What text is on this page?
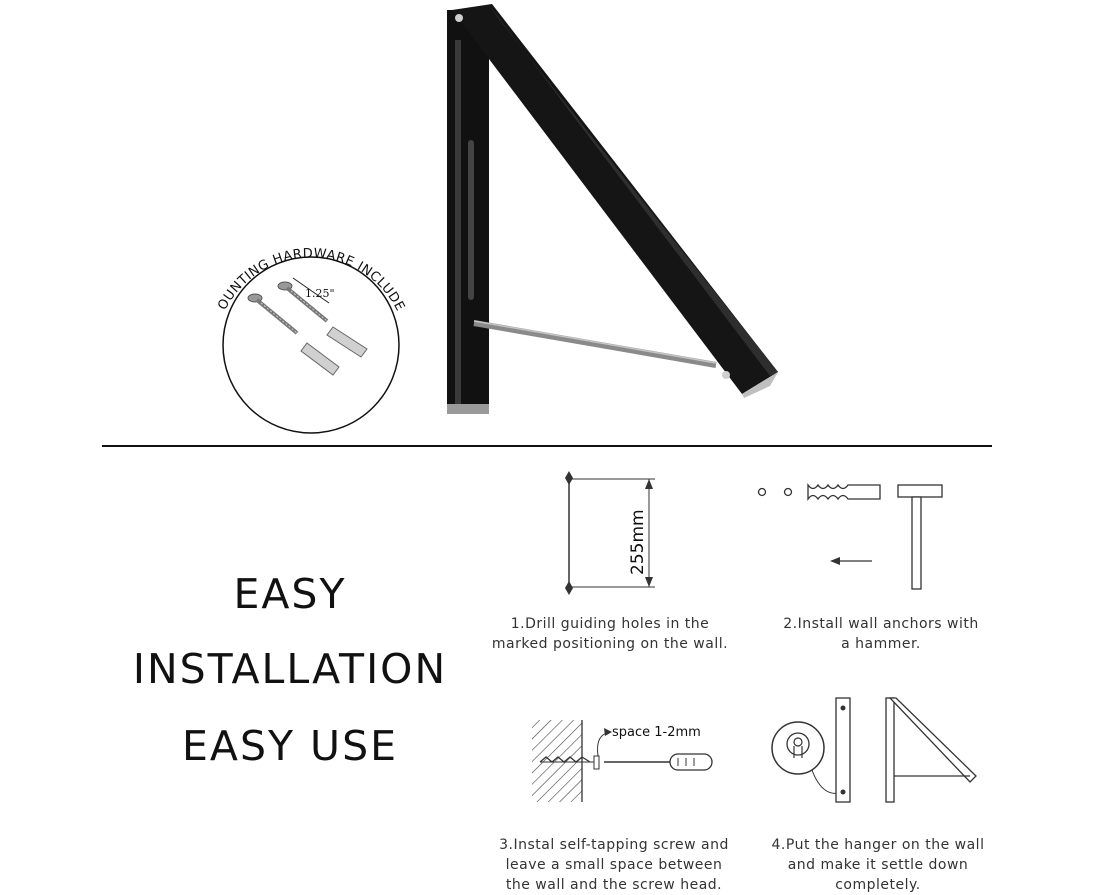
MOUNTING HARDWARE INCLUDED
1.25"
EASY
INSTALLATION
EASY USE
255mm
1.Drill guiding holes in the
marked positioning on the wall.
2.Install wall anchors with
a hammer.
space 1-2mm
3.Instal self-tapping screw and
leave a small space between
the wall and the screw head.
4.Put the hanger on the wall
and make it settle down
completely.
